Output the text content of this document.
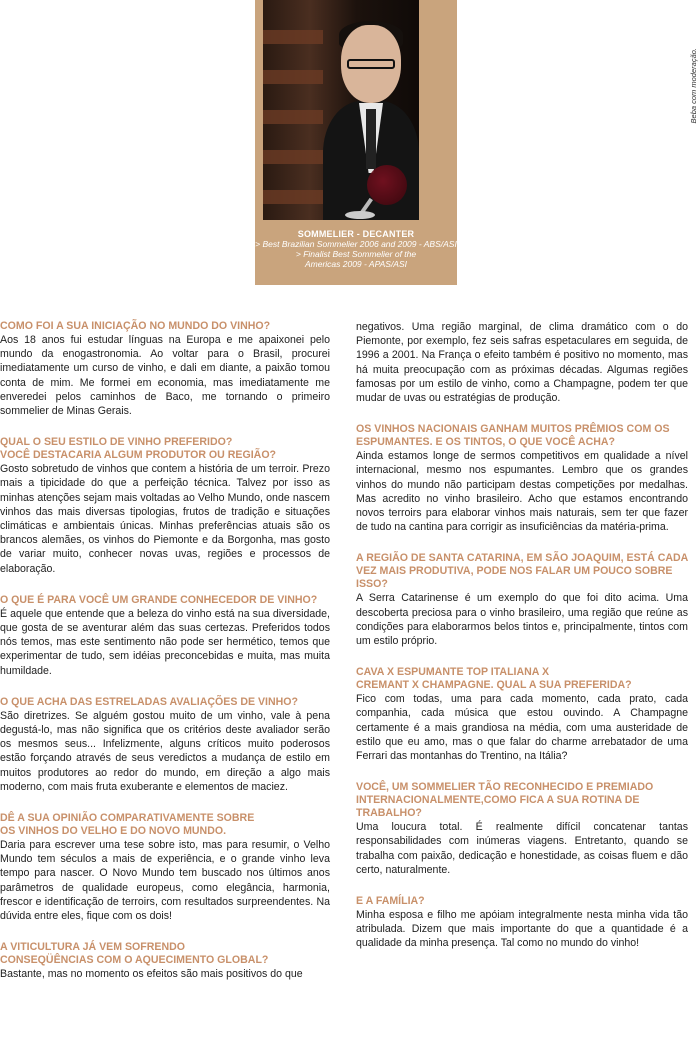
Beba com moderação.
SOMMELIER - DECANTER
> Best Brazilian Sommelier 2006 and 2009 - ABS/ASI
> Finalist Best Sommelier of the
Americas 2009 - APAS/ASI
COMO FOI A SUA INICIAÇÃO NO MUNDO DO VINHO?
Aos 18 anos fui estudar línguas na Europa e me apaixonei pelo mundo da enogastronomia. Ao voltar para o Brasil, procurei imediatamente um curso de vinho, e dali em diante, a paixão tomou conta de mim. Me formei em economia, mas imediatamente me enveredei pelos caminhos de Baco, me tornando o primeiro sommelier de Minas Gerais.
QUAL O SEU ESTILO DE VINHO PREFERIDO?
VOCÊ DESTACARIA ALGUM PRODUTOR OU REGIÃO?
Gosto sobretudo de vinhos que contem a história de um terroir. Prezo mais a tipicidade do que a perfeição técnica. Talvez por isso as minhas atenções sejam mais voltadas ao Velho Mundo, onde nascem vinhos das mais diversas tipologias, frutos de tradição e situações climáticas e ambientais únicas. Minhas preferências atuais são os brancos alemães, os vinhos do Piemonte e da Borgonha, mas gosto de variar muito, conhecer novas uvas, regiões e processos de elaboração.
O QUE É PARA VOCÊ UM GRANDE CONHECEDOR DE VINHO?
É aquele que entende que a beleza do vinho está na sua diversidade, que gosta de se aventurar além das suas certezas. Preferidos todos nós temos, mas este sentimento não pode ser hermético, temos que experimentar de tudo, sem idéias preconcebidas e muita, mas muita humildade.
O QUE ACHA DAS ESTRELADAS AVALIAÇÕES DE VINHO?
São diretrizes. Se alguém gostou muito de um vinho, vale à pena degustá-lo, mas não significa que os critérios deste avaliador serão os mesmos seus... Infelizmente, alguns críticos muito poderosos estão forçando através de seus veredictos a mudança de estilo em muitos produtores ao redor do mundo, em direção a algo mais moderno, com mais fruta exuberante e elementos de maciez.
DÊ A SUA OPINIÃO COMPARATIVAMENTE SOBRE
OS VINHOS DO VELHO E DO NOVO MUNDO.
Daria para escrever uma tese sobre isto, mas para resumir, o Velho Mundo tem séculos a mais de experiência, e o grande vinho leva tempo para nascer. O Novo Mundo tem buscado nos últimos anos parâmetros de qualidade europeus, como elegância, harmonia, frescor e identificação de terroirs, com resultados surpreendentes. Na dúvida entre eles, fique com os dois!
A VITICULTURA JÁ VEM SOFRENDO
CONSEQÜÊNCIAS COM O AQUECIMENTO GLOBAL?
Bastante, mas no momento os efeitos são mais positivos do que
negativos. Uma região marginal, de clima dramático com o do Piemonte, por exemplo, fez seis safras espetaculares em seguida, de 1996 a 2001. Na França o efeito também é positivo no momento, mas há muita preocupação com as próximas décadas. Algumas regiões famosas por um estilo de vinho, como a Champagne, podem ter que mudar de uvas ou estratégias de produção.
OS VINHOS NACIONAIS GANHAM MUITOS PRÊMIOS COM OS ESPUMANTES. E OS TINTOS, O QUE VOCÊ ACHA?
Ainda estamos longe de sermos competitivos em qualidade a nível internacional, mesmo nos espumantes. Lembro que os grandes vinhos do mundo não participam destas competições por medalhas. Mas acredito no vinho brasileiro. Acho que estamos encontrando novos terroirs para elaborar vinhos mais naturais, sem ter que fazer de tudo na cantina para corrigir as insuficiências da matéria-prima.
A REGIÃO DE SANTA CATARINA, EM SÃO JOAQUIM, ESTÁ CADA VEZ MAIS PRODUTIVA, PODE NOS FALAR UM POUCO SOBRE ISSO?
A Serra Catarinense é um exemplo do que foi dito acima. Uma descoberta preciosa para o vinho brasileiro, uma região que reúne as condições para elaborarmos belos tintos e, principalmente, tintos com um estilo próprio.
CAVA X ESPUMANTE TOP ITALIANA X
CREMANT X CHAMPAGNE. QUAL A SUA PREFERIDA?
Fico com todas, uma para cada momento, cada prato, cada companhia, cada música que estou ouvindo. A Champagne certamente é a mais grandiosa na média, com uma austeridade de estilo que eu amo, mas o que falar do charme arrebatador de uma Ferrari das montanhas do Trentino, na Itália?
VOCÊ, UM SOMMELIER TÃO RECONHECIDO E PREMIADO INTERNACIONALMENTE,COMO FICA A SUA ROTINA DE TRABALHO?
Uma loucura total. É realmente difícil concatenar tantas responsabilidades com inúmeras viagens. Entretanto, quando se trabalha com paixão, dedicação e honestidade, as coisas fluem e dão certo, naturalmente.
E A FAMÍLIA?
Minha esposa e filho me apóiam integralmente nesta minha vida tão atribulada. Dizem que mais importante do que a quantidade é a qualidade da minha presença. Tal como no mundo do vinho!
